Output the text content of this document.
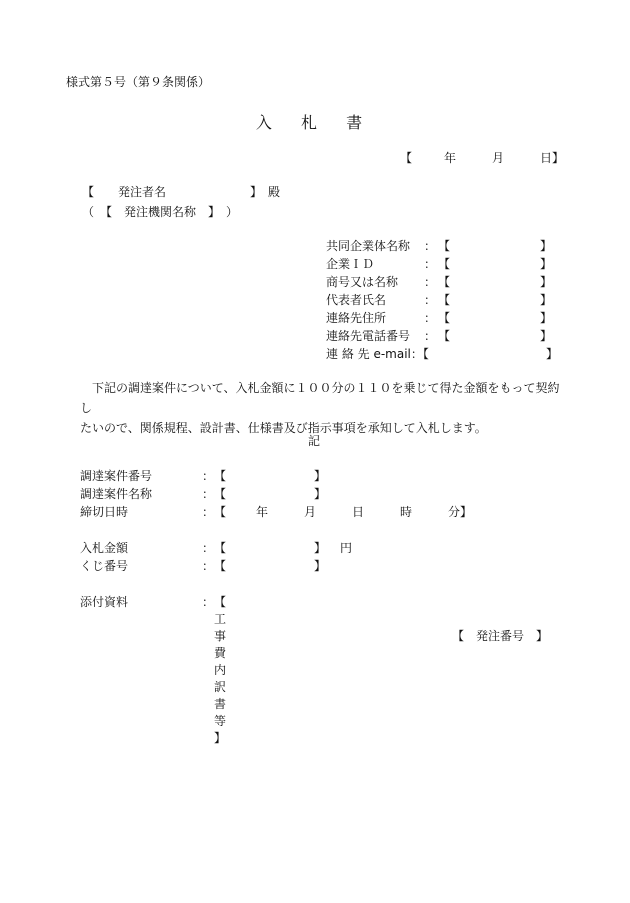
様式第５号（第９条関係）
入 札 書
【	年	月	日】
【　　発注者名　　　　　　　】　殿
（　【　発注機関名称　】　）
共同企業体名称 ： 【	】
企業ＩＤ	： 【	】
商号又は名称 ： 【	】
代表者氏名	： 【	】
連絡先住所	： 【	】
連絡先電話番号 ： 【	】
連 絡 先 e-mail：【	】

下記の調達案件について、入札金額に１００分の１１０を乗じて得た金額をもって契約し

たいので、関係規程、設計書、仕様書及び指示事項を承知して入札します。

記
調達案件番号	： 【	】
調達案件名称	： 【	】
締切日時	： 【 年	月	日	時	分】
入札金額	： 【	】 円
くじ番号	： 【	】
添付資料	： 【 工事費内訳書等 】
【　発注番号　】
